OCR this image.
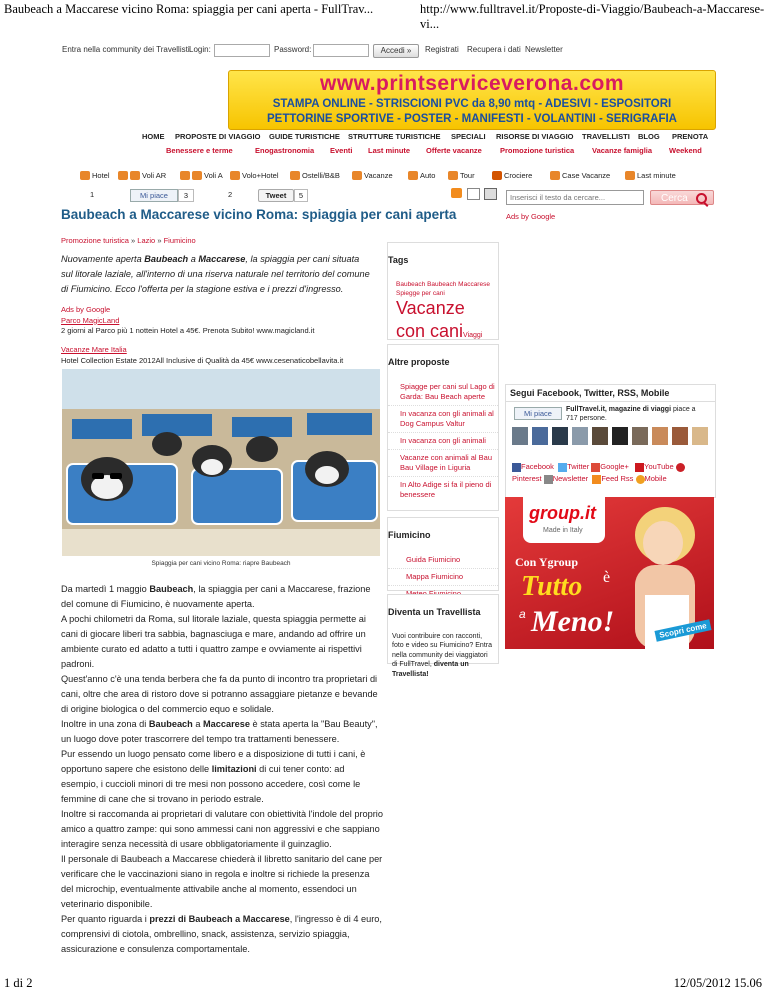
Baubeach a Maccarese vicino Roma: spiaggia per cani aperta - FullTrav...	http://www.fulltravel.it/Proposte-di-Viaggio/Baubeach-a-Maccarese-vi...
Entra nella community dei Travellisti Login:	Password:	Accedi »	Registrati Recupera i dati Newsletter
www.printserviceverona.com
STAMPA ONLINE - STRISCIONI PVC da 8,90 mtq - ADESIVI - ESPOSITORI
PETTORINE SPORTIVE - POSTER - MANIFESTI - VOLANTINI - SERIGRAFIA
HOME PROPOSTE DI VIAGGIO GUIDE TURISTICHE STRUTTURE TURISTICHE SPECIALI RISORSE DI VIAGGIO TRAVELLISTI BLOG PRENOTA
Benessere e terme	Enogastronomia Eventi Last minute Offerte vacanze Promozione turistica Vacanze famiglia Weekend
Hotel	Voli AR	Voli A	Volo+Hotel	Ostelli/B&B	Vacanze	Auto	Tour	Crociere	Case Vacanze	Last minute
1	Mi piace	3	2	Tweet	5
Inserisci il testo da cercare...	Cerca
Baubeach a Maccarese vicino Roma: spiaggia per cani aperta	Ads by Google
Promozione turistica » Lazio » Fiumicino
Nuovamente aperta Baubeach a Maccarese, la spiaggia per cani situata sul litorale laziale, all'interno di una riserva naturale nel territorio del comune di Fiumicino. Ecco l'offerta per la stagione estiva e i prezzi d'ingresso.
Ads by Google
Parco MagicLand
2 giorni al Parco più 1 nottein Hotel a 45€. Prenota Subito! www.magicland.it
Vacanze Mare Italia
Hotel Collection Estate 2012All Inclusive di Qualità da 45€ www.cesenaticobellavita.it
Spiaggia per cani vicino Roma: riapre Baubeach

Da martedì 1 maggio Baubeach, la spiaggia per cani a Maccarese, frazione del comune di Fiumicino, è nuovamente aperta.

A pochi chilometri da Roma, sul litorale laziale, questa spiaggia permette ai cani di giocare liberi tra sabbia, bagnasciuga e mare, andando ad offrire un ambiente curato ed adatto a tutti i quattro zampe e ovviamente ai rispettivi padroni.

Quest'anno c'è una tenda berbera che fa da punto di incontro tra proprietari di cani, oltre che area di ristoro dove si potranno assaggiare pietanze e bevande di origine biologica o del commercio equo e solidale.

Inoltre in una zona di Baubeach a Maccarese è stata aperta la "Bau Beauty", un luogo dove poter trascorrere del tempo tra trattamenti benessere.

Pur essendo un luogo pensato come libero e a disposizione di tutti i cani, è opportuno sapere che esistono delle limitazioni di cui tener conto: ad esempio, i cuccioli minori di tre mesi non possono accedere, così come le femmine di cane che si trovano in periodo estrale.

Inoltre si raccomanda ai proprietari di valutare con obiettività l'indole del proprio amico a quattro zampe: qui sono ammessi cani non aggressivi e che sappiano interagire senza necessità di usare obbligatoriamente il guinzaglio.

Il personale di Baubeach a Maccarese chiederà il libretto sanitario del cane per verificare che le vaccinazioni siano in regola e inoltre si richiede la presenza del microchip, eventualmente attivabile anche al momento, essendoci un veterinario disponibile.

Per quanto riguarda i prezzi di Baubeach a Maccarese, l'ingresso è di 4 euro, comprensivi di ciotola, ombrellino, snack, assistenza, servizio spiaggia, assicurazione e consulenza comportamentale.

Tags
Baubeach Baubeach Maccarese Spiegge per cani
Vacanze con caniViaggi
Altre proposte
Spiagge per cani sul Lago di Garda: Bau Beach aperte
In vacanza con gli animali al Dog Campus Valtur
In vacanza con gli animali
Vacanze con animali al Bau Bau Village in Liguria
In Alto Adige si fa il pieno di benessere
Fiumicino
Guida Fiumicino
Mappa Fiumicino
Diventa un Travellista
Vuoi contribuire con racconti, foto e video su Fiumicino? Entra nella community dei viaggiatori di FullTravel, diventa un Travellista!
Segui Facebook, Twitter, RSS, Mobile
Mi piace	FullTravel.it, magazine di viaggi piace a
717 persone.
Facebook Twitter Google+ YouTube
Pinterest Newsletter Feed Rss Mobile
group.it
Made in Italy
Con Ygroup
Tutto è
a Meno!	Scopri come
1 di 2	12/05/2012 15.06
